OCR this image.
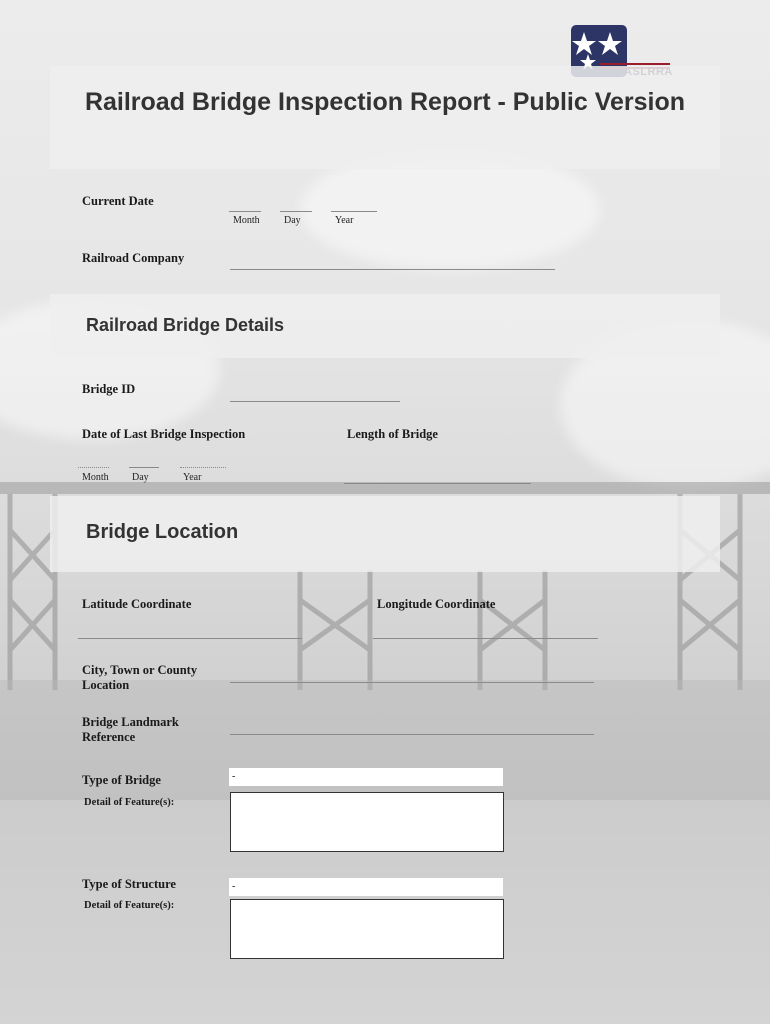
Railroad Bridge Inspection Report - Public Version
Current Date
Month Day	Year
Railroad Company
Railroad Bridge Details
Bridge ID
Date of Last Bridge Inspection	Length of Bridge
Month Day	Year
Bridge Location
Latitude Coordinate	Longitude Coordinate
City, Town or County
Location
Bridge Landmark
Reference
Type of Bridge	-
Detail of Feature(s):
Type of Structure	-
Detail of Feature(s):
